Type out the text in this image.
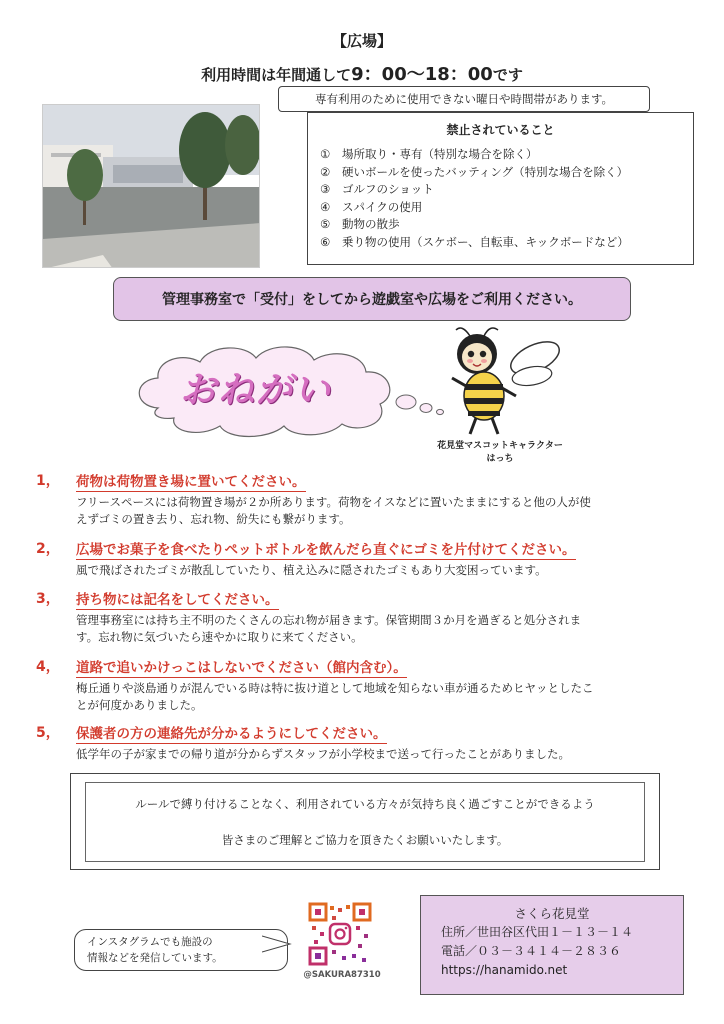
【広場】
利用時間は年間通して9：00～18：00です
専有利用のために使用できない曜日や時間帯があります。
禁止されていること
① 場所取り・専有（特別な場合を除く）
② 硬いボールを使ったバッティング（特別な場合を除く）
③ ゴルフのショット
④ スパイクの使用
⑤ 動物の散歩
⑥ 乗り物の使用（スケボー、自転車、キックボードなど）
管理事務室で「受付」をしてから遊戯室や広場をご利用ください。
おねがい
花見堂マスコットキャラクター
はっち
1， 荷物は荷物置き場に置いてください。
フリースペースには荷物置き場が２か所あります。荷物をイスなどに置いたままにすると他の人が使
えずゴミの置き去り、忘れ物、紛失にも繋がります。
2， 広場でお菓子を食べたりペットボトルを飲んだら直ぐにゴミを片付けてください。
風で飛ばされたゴミが散乱していたり、植え込みに隠されたゴミもあり大変困っています。
3， 持ち物には記名をしてください。
管理事務室には持ち主不明のたくさんの忘れ物が届きます。保管期間３か月を過ぎると処分されま
す。忘れ物に気づいたら速やかに取りに来てください。
4， 道路で追いかけっこはしないでください（館内含む）。
梅丘通りや淡島通りが混んでいる時は特に抜け道として地域を知らない車が通るためヒヤッとしたこ
とが何度かありました。
5， 保護者の方の連絡先が分かるようにしてください。
低学年の子が家までの帰り道が分からずスタッフが小学校まで送って行ったことがありました。
ルールで縛り付けることなく、利用されている方々が気持ち良く過ごすことができるよう
皆さまのご理解とご協力を頂きたくお願いいたします。
インスタグラムでも施設の
情報などを発信しています。
@SAKURA87310
さくら花見堂
住所／世田谷区代田１－１３－１４
電話／０３－３４１４－２８３６
https://hanamido.net
